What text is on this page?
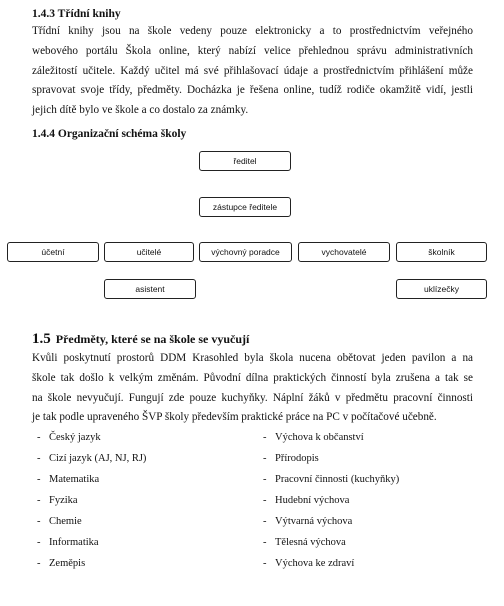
1.4.3 Třídní knihy
Třídní knihy jsou na škole vedeny pouze elektronicky a to prostřednictvím veřejného
webového portálu Škola online, který nabízí velice přehlednou správu administrativních
záležitostí učitele. Každý učitel má své přihlašovací údaje a prostřednictvím přihlášení může
spravovat svoje třídy, předměty. Docházka je řešena online, tudíž rodiče okamžitě vidí, jestli
jejich dítě bylo ve škole a co dostalo za známky.
1.4.4 Organizační schéma školy
ředitel
zástupce ředitele
účetní	učitelé	výchovný poradce	vychovatelé	školník
asistent	uklízečky
1.5 Předměty, které se na škole se vyučují
Kvůli poskytnutí prostorů DDM Krasohled byla škola nucena obětovat jeden pavilon a na
škole tak došlo k velkým změnám. Původní dílna praktických činností byla zrušena a tak se
na škole nevyučují. Fungují zde pouze kuchyňky. Náplní žáků v předmětu pracovní činnosti
je tak podle upraveného ŠVP školy především praktické práce na PC v počítačové učebně.
- Český jazyk
- Cizí jazyk (AJ, NJ, RJ)
- Matematika
- Fyzika
- Chemie
- Informatika
- Zeměpis
- Výchova k občanství
- Přírodopis
- Pracovní činnosti (kuchyňky)
- Hudební výchova
- Výtvarná výchova
- Tělesná výchova
- Výchova ke zdraví
